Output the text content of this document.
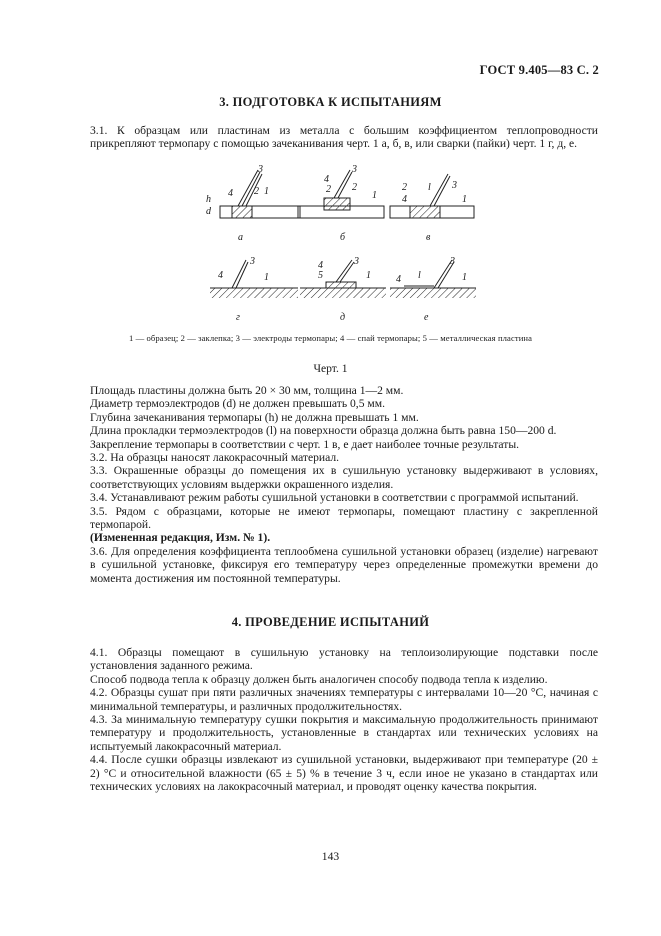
ГОСТ 9.405—83 С. 2
3. ПОДГОТОВКА К ИСПЫТАНИЯМ

3.1. К образцам или пластинам из металла с большим коэффициентом теплопроводности прикрепляют термопару с помощью зачеканивания черт. 1 а, б, в, или сварки (пайки) черт. 1 г, д, е.

3
4 2 1
h
d
а
4
2
3
2
1
б
2
4
l 3
1
в
4
3
1
г
4
5
3
1
д
4 l
3
1
е
1 — образец; 2 — заклепка; 3 — электроды термопары; 4 — спай термопары; 5 — металлическая пластина
Черт. 1

Площадь пластины должна быть 20 × 30 мм, толщина 1—2 мм.

Диаметр термоэлектродов (d) не должен превышать 0,5 мм.

Глубина зачеканивания термопары (h) не должна превышать 1 мм.

Длина прокладки термоэлектродов (l) на поверхности образца должна быть равна 150—200 d.

Закрепление термопары в соответствии с черт. 1 в, е дает наиболее точные результаты.

3.2. На образцы наносят лакокрасочный материал.

3.3. Окрашенные образцы до помещения их в сушильную установку выдерживают в условиях, соответствующих условиям выдержки окрашенного изделия.

3.4. Устанавливают режим работы сушильной установки в соответствии с программой испытаний.

3.5. Рядом с образцами, которые не имеют термопары, помещают пластину с закрепленной термопарой.

(Измененная редакция, Изм. № 1).

3.6. Для определения коэффициента теплообмена сушильной установки образец (изделие) нагревают в сушильной установке, фиксируя его температуру через определенные промежутки времени до момента достижения им постоянной температуры.

4. ПРОВЕДЕНИЕ ИСПЫТАНИЙ

4.1. Образцы помещают в сушильную установку на теплоизолирующие подставки после установления заданного режима.

Способ подвода тепла к образцу должен быть аналогичен способу подвода тепла к изделию.

4.2. Образцы сушат при пяти различных значениях температуры с интервалами 10—20 °С, начиная с минимальной температуры, и различных продолжительностях.

4.3. За минимальную температуру сушки покрытия и максимальную продолжительность принимают температуру и продолжительность, установленные в стандартах или технических условиях на испытуемый лакокрасочный материал.

4.4. После сушки образцы извлекают из сушильной установки, выдерживают при температуре (20 ± 2) °С и относительной влажности (65 ± 5) % в течение 3 ч, если иное не указано в стандартах или технических условиях на лакокрасочный материал, и проводят оценку качества покрытия.

143
